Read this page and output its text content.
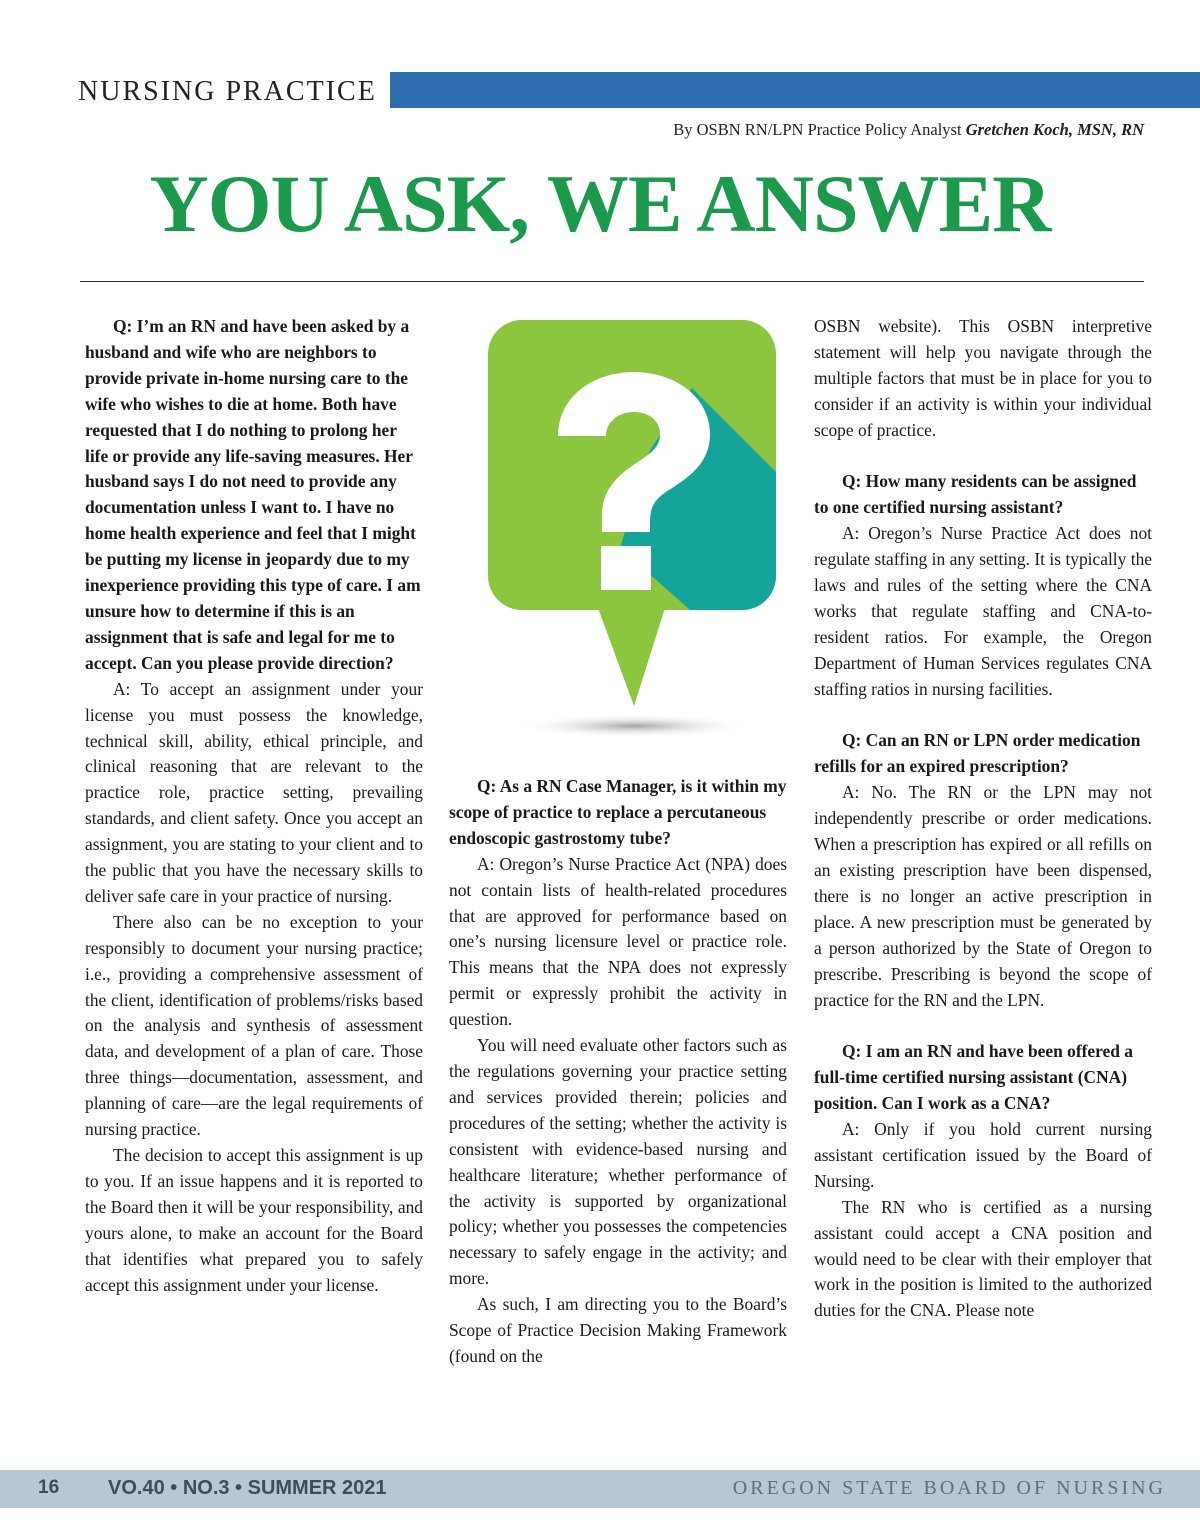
NURSING PRACTICE
By OSBN RN/LPN Practice Policy Analyst Gretchen Koch, MSN, RN
YOU ASK, WE ANSWER

Q: I’m an RN and have been asked by a husband and wife who are neighbors to provide private in-home nursing care to the wife who wishes to die at home. Both have requested that I do nothing to prolong her life or provide any life-saving measures. Her husband says I do not need to provide any documentation unless I want to. I have no home health experience and feel that I might be putting my license in jeopardy due to my inexperience providing this type of care. I am unsure how to determine if this is an assignment that is safe and legal for me to accept. Can you please provide direction?

A: To accept an assignment under your license you must possess the knowledge, technical skill, ability, ethical principle, and clinical reasoning that are relevant to the practice role, practice setting, prevailing standards, and client safety. Once you accept an assignment, you are stating to your client and to the public that you have the necessary skills to deliver safe care in your practice of nursing.

There also can be no exception to your responsibly to document your nursing practice; i.e., providing a comprehensive assessment of the client, identification of problems/risks based on the analysis and synthesis of assessment data, and development of a plan of care. Those three things—documentation, assessment, and planning of care—are the legal requirements of nursing practice.

The decision to accept this assignment is up to you. If an issue happens and it is reported to the Board then it will be your responsibility, and yours alone, to make an account for the Board that identifies what prepared you to safely accept this assignment under your license.

Q: As a RN Case Manager, is it within my scope of practice to replace a percutaneous endoscopic gastrostomy tube?

A: Oregon’s Nurse Practice Act (NPA) does not contain lists of health-related procedures that are approved for performance based on one’s nursing licensure level or practice role. This means that the NPA does not expressly permit or expressly prohibit the activity in question.

You will need evaluate other factors such as the regulations governing your practice setting and services provided therein; policies and procedures of the setting; whether the activity is consistent with evidence-based nursing and healthcare literature; whether performance of the activity is supported by organizational policy; whether you possesses the competencies necessary to safely engage in the activity; and more.

As such, I am directing you to the Board’s Scope of Practice Decision Making Framework (found on the

OSBN website). This OSBN interpretive statement will help you navigate through the multiple factors that must be in place for you to consider if an activity is within your individual scope of practice.

Q: How many residents can be assigned to one certified nursing assistant?

A: Oregon’s Nurse Practice Act does not regulate staffing in any setting. It is typically the laws and rules of the setting where the CNA works that regulate staffing and CNA-to-resident ratios. For example, the Oregon Department of Human Services regulates CNA staffing ratios in nursing facilities.

Q: Can an RN or LPN order medication refills for an expired prescription?

A: No. The RN or the LPN may not independently prescribe or order medications. When a prescription has expired or all refills on an existing prescription have been dispensed, there is no longer an active prescription in place. A new prescription must be generated by a person authorized by the State of Oregon to prescribe. Prescribing is beyond the scope of practice for the RN and the LPN.

Q: I am an RN and have been offered a full-time certified nursing assistant (CNA) position. Can I work as a CNA?

A: Only if you hold current nursing assistant certification issued by the Board of Nursing.

The RN who is certified as a nursing assistant could accept a CNA position and would need to be clear with their employer that work in the position is limited to the authorized duties for the CNA. Please note

16 VO.40 • NO.3 • SUMMER 2021	OREGON STATE BOARD OF NURSING
